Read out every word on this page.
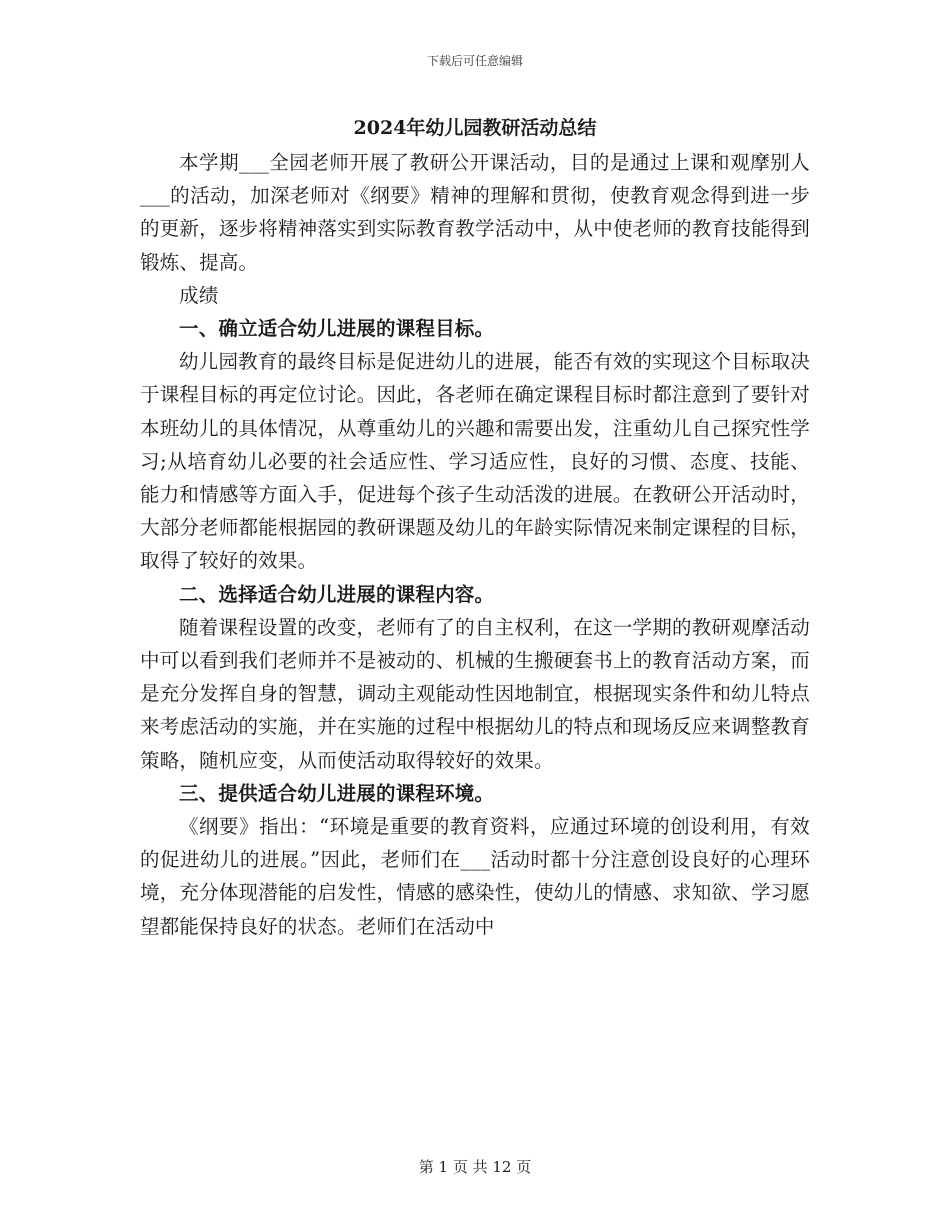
下载后可任意编辑
2024年幼儿园教研活动总结

本学期___全园老师开展了教研公开课活动，目的是通过上课和观摩别人___的活动，加深老师对《纲要》精神的理解和贯彻，使教育观念得到进一步的更新，逐步将精神落实到实际教育教学活动中，从中使老师的教育技能得到锻炼、提高。

成绩

一、确立适合幼儿进展的课程目标。

幼儿园教育的最终目标是促进幼儿的进展，能否有效的实现这个目标取决于课程目标的再定位讨论。因此，各老师在确定课程目标时都注意到了要针对本班幼儿的具体情况，从尊重幼儿的兴趣和需要出发，注重幼儿自己探究性学习;从培育幼儿必要的社会适应性、学习适应性，良好的习惯、态度、技能、能力和情感等方面入手，促进每个孩子生动活泼的进展。在教研公开活动时，大部分老师都能根据园的教研课题及幼儿的年龄实际情况来制定课程的目标，取得了较好的效果。

二、选择适合幼儿进展的课程内容。

随着课程设置的改变，老师有了的自主权利，在这一学期的教研观摩活动中可以看到我们老师并不是被动的、机械的生搬硬套书上的教育活动方案，而是充分发挥自身的智慧，调动主观能动性因地制宜，根据现实条件和幼儿特点来考虑活动的实施，并在实施的过程中根据幼儿的特点和现场反应来调整教育策略，随机应变，从而使活动取得较好的效果。

三、提供适合幼儿进展的课程环境。

《纲要》指出：“环境是重要的教育资料，应通过环境的创设利用，有效的促进幼儿的进展。”因此，老师们在___活动时都十分注意创设良好的心理环境，充分体现潜能的启发性，情感的感染性，使幼儿的情感、求知欲、学习愿望都能保持良好的状态。老师们在活动中

第 1 页 共 12 页
